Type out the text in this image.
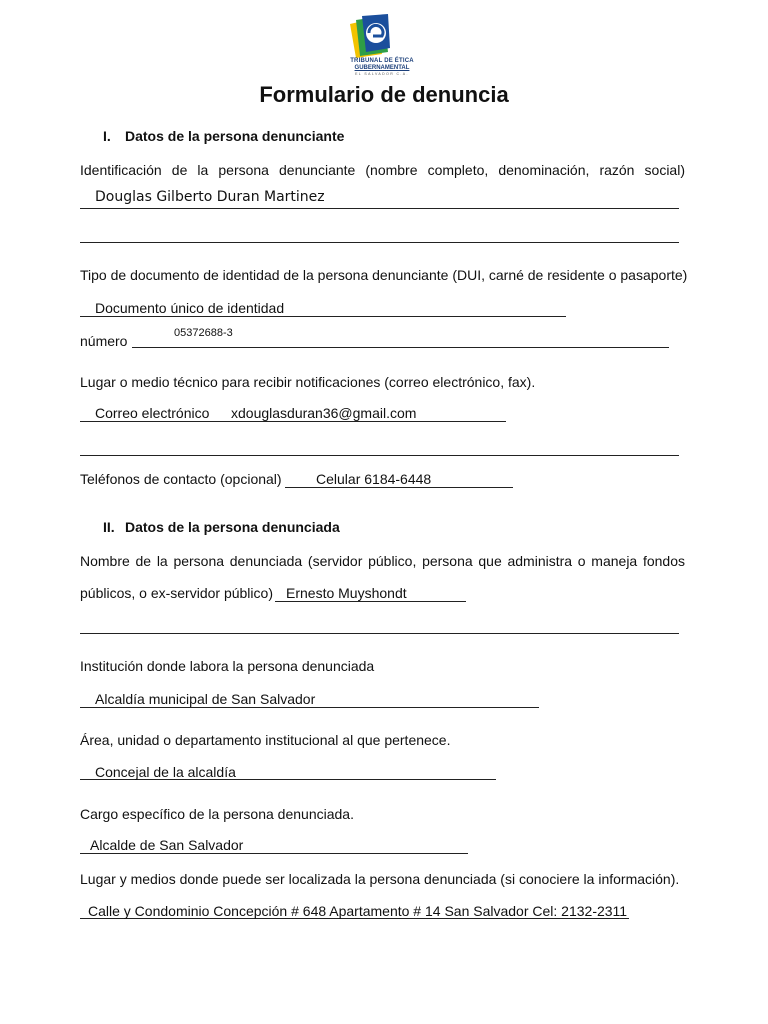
TRIBUNAL DE ÉTICA
GUBERNAMENTAL
EL SALVADOR C.A.
Formulario de denuncia
I. Datos de la persona denunciante
Identificación de la persona denunciante (nombre completo, denominación, razón social)
Douglas Gilberto Duran Martinez
Tipo de documento de identidad de la persona denunciante (DUI, carné de residente o pasaporte)
Documento único de identidad
número	05372688-3
Lugar o medio técnico para recibir notificaciones (correo electrónico, fax).
Correo electrónico xdouglasduran36@gmail.com
Teléfonos de contacto (opcional) Celular 6184-6448
II. Datos de la persona denunciada
Nombre de la persona denunciada (servidor público, persona que administra o maneja fondos
públicos, o ex-servidor público) Ernesto Muyshondt
Institución donde labora la persona denunciada
Alcaldía municipal de San Salvador
Área, unidad o departamento institucional al que pertenece.
Concejal de la alcaldía
Cargo específico de la persona denunciada.
Alcalde de San Salvador
Lugar y medios donde puede ser localizada la persona denunciada (si conociere la información).
Calle y Condominio Concepción # 648 Apartamento # 14 San Salvador Cel: 2132-2311
